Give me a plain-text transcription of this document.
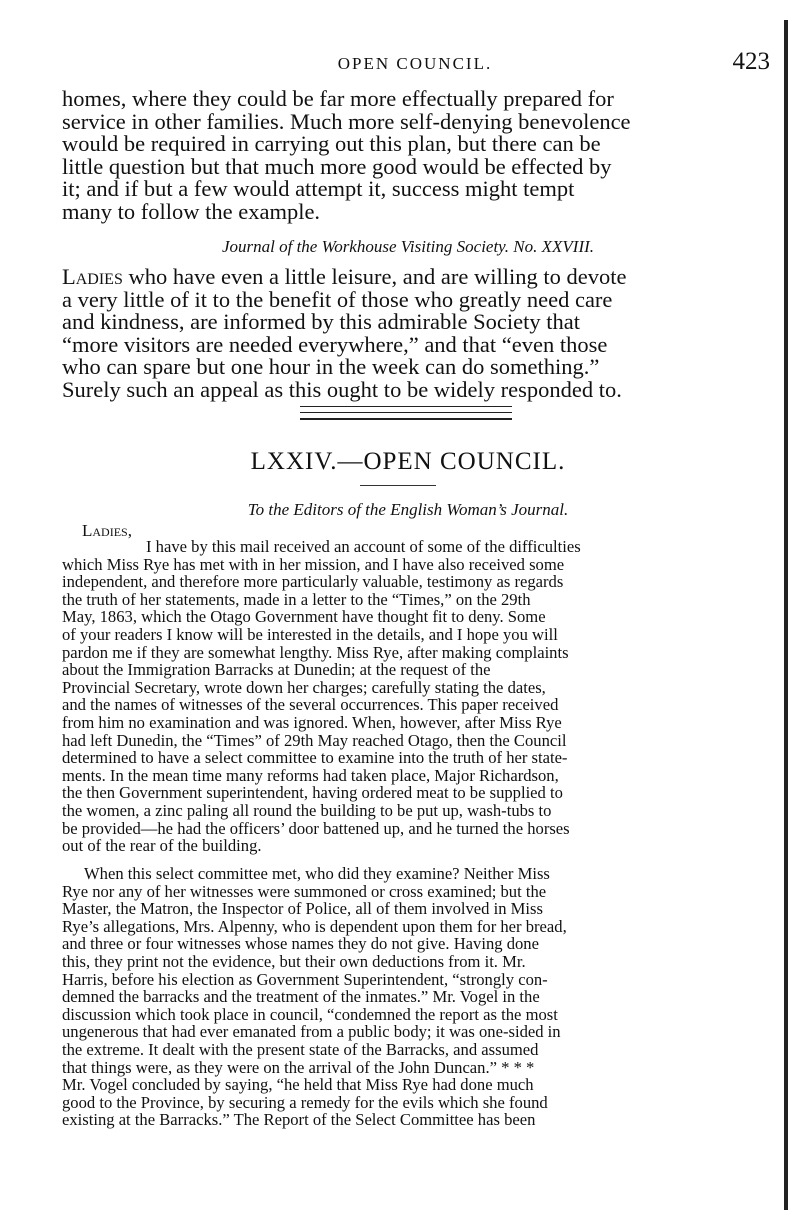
OPEN COUNCIL.	423

homes, where they could be far more effectually prepared for

service in other families. Much more self-denying benevolence

would be required in carrying out this plan, but there can be

little question but that much more good would be effected by

it; and if but a few would attempt it, success might tempt

many to follow the example.

Journal of the Workhouse Visiting Society. No. XXVIII.

Ladies who have even a little leisure, and are willing to devote

a very little of it to the benefit of those who greatly need care

and kindness, are informed by this admirable Society that

“more visitors are needed everywhere,” and that “even those

who can spare but one hour in the week can do something.”

Surely such an appeal as this ought to be widely responded to.

LXXIV.—OPEN COUNCIL.
To the Editors of the English Woman’s Journal.
Ladies,

I have by this mail received an account of some of the difficulties

which Miss Rye has met with in her mission, and I have also received some

independent, and therefore more particularly valuable, testimony as regards

the truth of her statements, made in a letter to the “Times,” on the 29th

May, 1863, which the Otago Government have thought fit to deny. Some

of your readers I know will be interested in the details, and I hope you will

pardon me if they are somewhat lengthy. Miss Rye, after making complaints

about the Immigration Barracks at Dunedin; at the request of the

Provincial Secretary, wrote down her charges; carefully stating the dates,

and the names of witnesses of the several occurrences. This paper received

from him no examination and was ignored. When, however, after Miss Rye

had left Dunedin, the “Times” of 29th May reached Otago, then the Council

determined to have a select committee to examine into the truth of her state-

ments. In the mean time many reforms had taken place, Major Richardson,

the then Government superintendent, having ordered meat to be supplied to

the women, a zinc paling all round the building to be put up, wash-tubs to

be provided—he had the officers’ door battened up, and he turned the horses

out of the rear of the building.

When this select committee met, who did they examine? Neither Miss

Rye nor any of her witnesses were summoned or cross examined; but the

Master, the Matron, the Inspector of Police, all of them involved in Miss

Rye’s allegations, Mrs. Alpenny, who is dependent upon them for her bread,

and three or four witnesses whose names they do not give. Having done

this, they print not the evidence, but their own deductions from it. Mr.

Harris, before his election as Government Superintendent, “strongly con-

demned the barracks and the treatment of the inmates.” Mr. Vogel in the

discussion which took place in council, “condemned the report as the most

ungenerous that had ever emanated from a public body; it was one-sided in

the extreme. It dealt with the present state of the Barracks, and assumed

that things were, as they were on the arrival of the John Duncan.” * * *

Mr. Vogel concluded by saying, “he held that Miss Rye had done much

good to the Province, by securing a remedy for the evils which she found

existing at the Barracks.” The Report of the Select Committee has been
